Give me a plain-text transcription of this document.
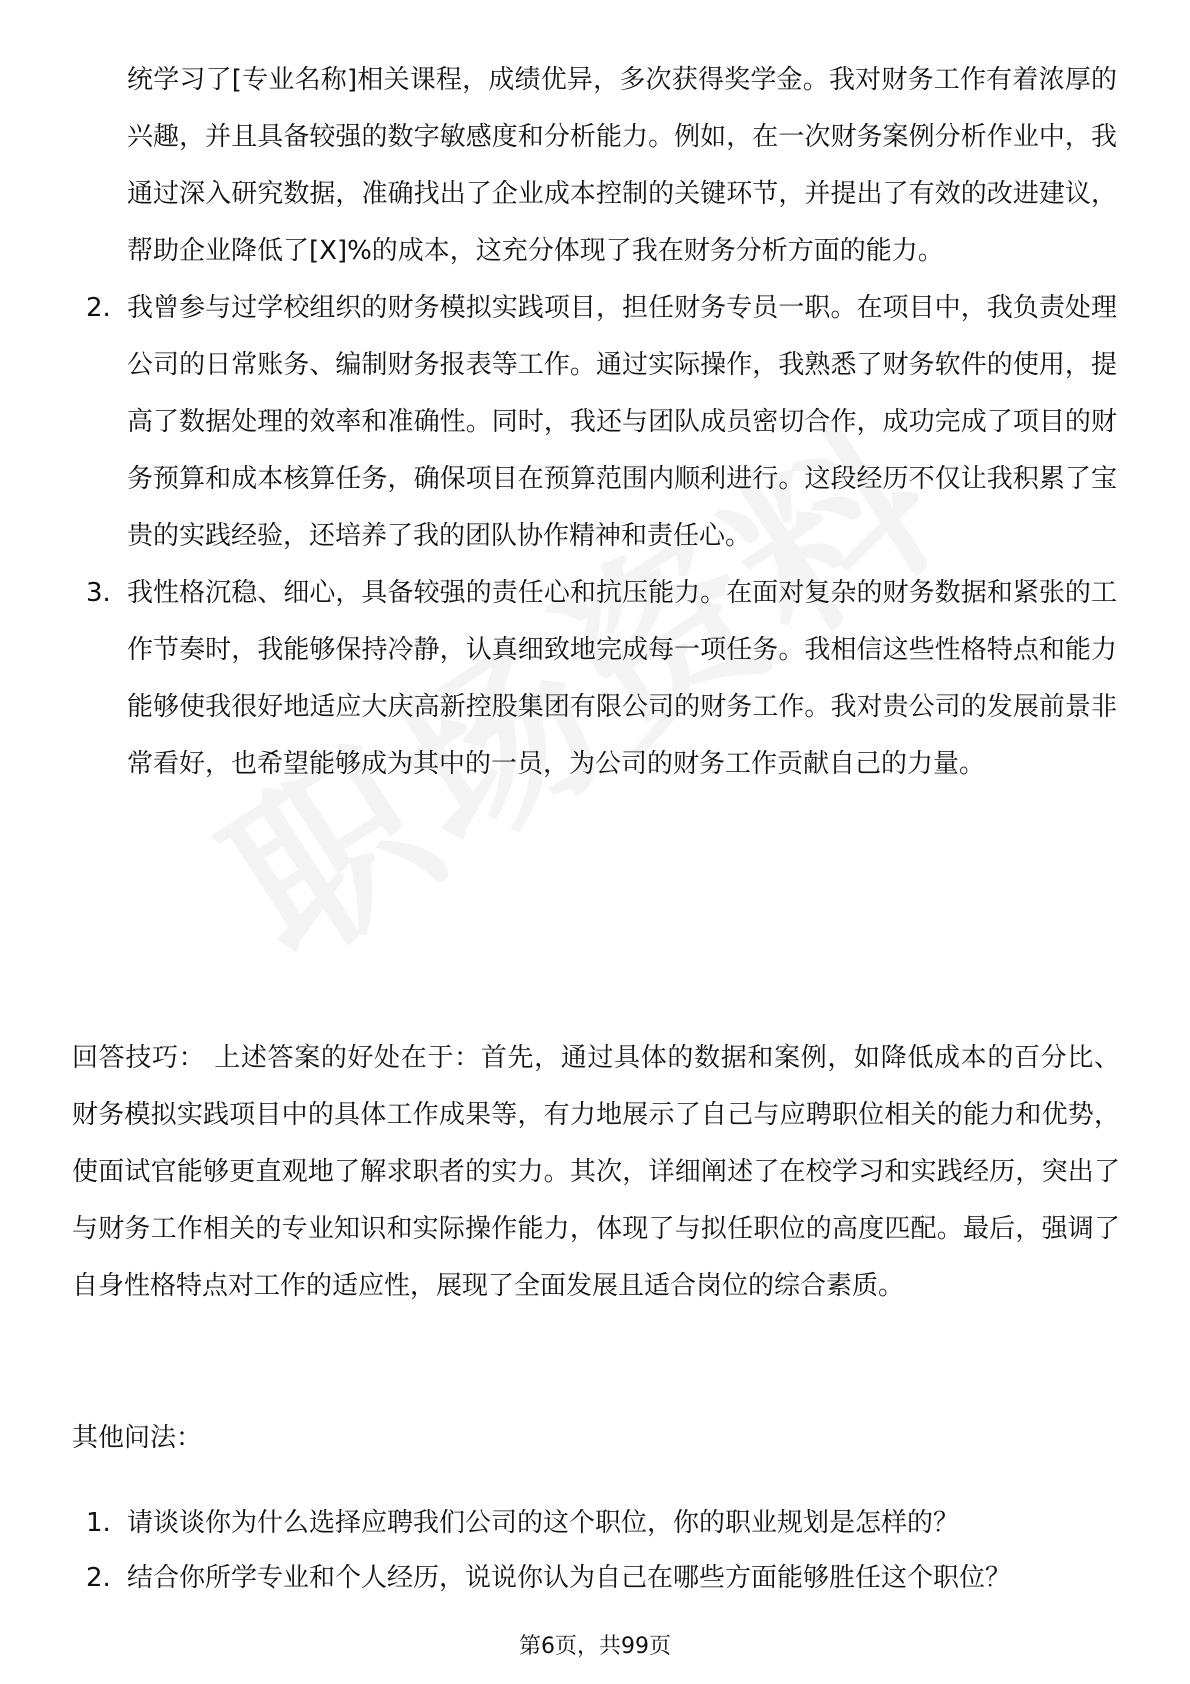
统学习了[专业名称]相关课程，成绩优异，多次获得奖学金。我对财务工作有着浓厚的兴趣，并且具备较强的数字敏感度和分析能力。例如，在一次财务案例分析作业中，我通过深入研究数据，准确找出了企业成本控制的关键环节，并提出了有效的改进建议，帮助企业降低了[X]%的成本，这充分体现了我在财务分析方面的能力。

2. 我曾参与过学校组织的财务模拟实践项目，担任财务专员一职。在项目中，我负责处理公司的日常账务、编制财务报表等工作。通过实际操作，我熟悉了财务软件的使用，提高了数据处理的效率和准确性。同时，我还与团队成员密切合作，成功完成了项目的财务预算和成本核算任务，确保项目在预算范围内顺利进行。这段经历不仅让我积累了宝贵的实践经验，还培养了我的团队协作精神和责任心。

3. 我性格沉稳、细心，具备较强的责任心和抗压能力。在面对复杂的财务数据和紧张的工作节奏时，我能够保持冷静，认真细致地完成每一项任务。我相信这些性格特点和能力能够使我很好地适应大庆高新控股集团有限公司的财务工作。我对贵公司的发展前景非常看好，也希望能够成为其中的一员，为公司的财务工作贡献自己的力量。

回答技巧： 上述答案的好处在于：首先，通过具体的数据和案例，如降低成本的百分比、财务模拟实践项目中的具体工作成果等，有力地展示了自己与应聘职位相关的能力和优势，使面试官能够更直观地了解求职者的实力。其次，详细阐述了在校学习和实践经历，突出了与财务工作相关的专业知识和实际操作能力，体现了与拟任职位的高度匹配。最后，强调了自身性格特点对工作的适应性，展现了全面发展且适合岗位的综合素质。

其他问法：

1. 请谈谈你为什么选择应聘我们公司的这个职位，你的职业规划是怎样的？

2. 结合你所学专业和个人经历，说说你认为自己在哪些方面能够胜任这个职位？

第6页，共99页
